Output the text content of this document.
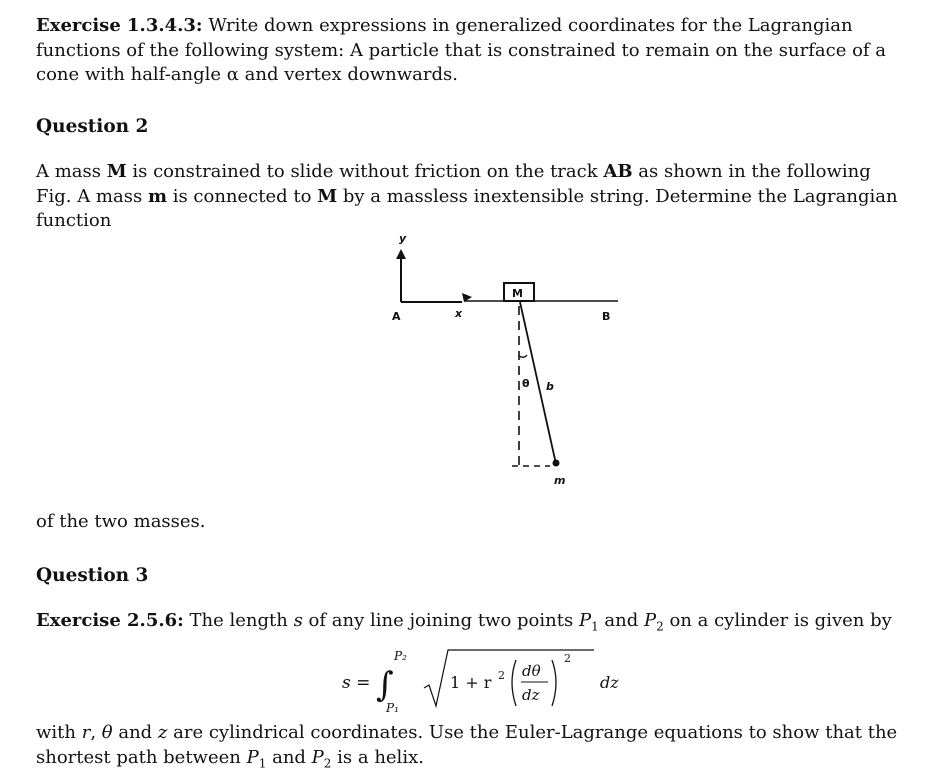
Exercise 1.3.4.3: Write down expressions in generalized coordinates for the Lagrangian functions of the following system: A particle that is constrained to remain on the surface of a cone with half-angle α and vertex downwards.

Question 2

A mass M is constrained to slide without friction on the track AB as shown in the following Fig. A mass m is connected to M by a massless inextensible string. Determine the Lagrangian function

y
x
A	B
M
θ b
m

of the two masses.

Question 3

Exercise 2.5.6: The length s of any line joining two points $P_1$ and $P_2$ on a cylinder is given by

s = ∫
P₂
P₁
1 + r 2 dθ
dz
2
dz

with r, θ and z are cylindrical coordinates. Use the Euler-Lagrange equations to show that the shortest path between $P_1$ and $P_2$ is a helix.
